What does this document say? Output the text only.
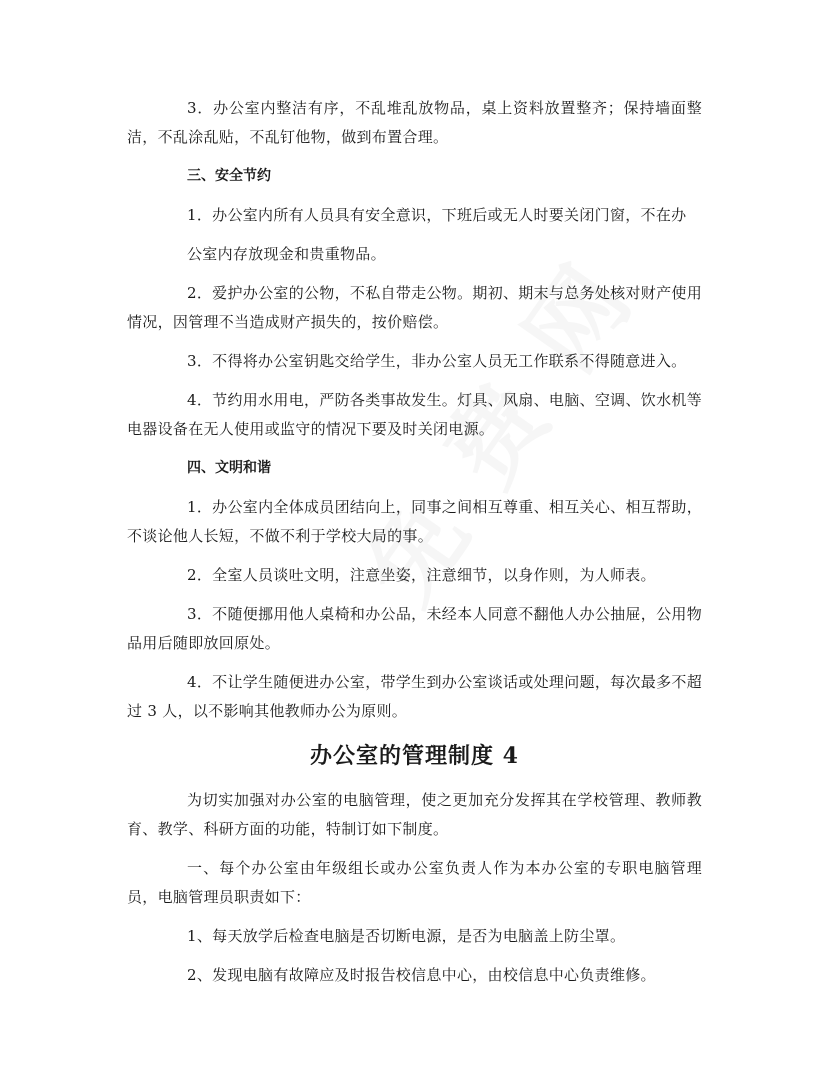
3．办公室内整洁有序，不乱堆乱放物品，桌上资料放置整齐；保持墙面整洁，不乱涂乱贴，不乱钉他物，做到布置合理。

三、安全节约

1．办公室内所有人员具有安全意识，下班后或无人时要关闭门窗，不在办

公室内存放现金和贵重物品。

2．爱护办公室的公物，不私自带走公物。期初、期末与总务处核对财产使用情况，因管理不当造成财产损失的，按价赔偿。

3．不得将办公室钥匙交给学生，非办公室人员无工作联系不得随意进入。

4．节约用水用电，严防各类事故发生。灯具、风扇、电脑、空调、饮水机等电器设备在无人使用或监守的情况下要及时关闭电源。

四、文明和谐

1．办公室内全体成员团结向上，同事之间相互尊重、相互关心、相互帮助，不谈论他人长短，不做不利于学校大局的事。

2．全室人员谈吐文明，注意坐姿，注意细节，以身作则，为人师表。

3．不随便挪用他人桌椅和办公品，未经本人同意不翻他人办公抽屉，公用物品用后随即放回原处。

4．不让学生随便进办公室，带学生到办公室谈话或处理问题，每次最多不超过 3 人，以不影响其他教师办公为原则。

办公室的管理制度 4

为切实加强对办公室的电脑管理，使之更加充分发挥其在学校管理、教师教育、教学、科研方面的功能，特制订如下制度。

一、每个办公室由年级组长或办公室负责人作为本办公室的专职电脑管理员，电脑管理员职责如下：

1、每天放学后检查电脑是否切断电源，是否为电脑盖上防尘罩。

2、发现电脑有故障应及时报告校信息中心，由校信息中心负责维修。
